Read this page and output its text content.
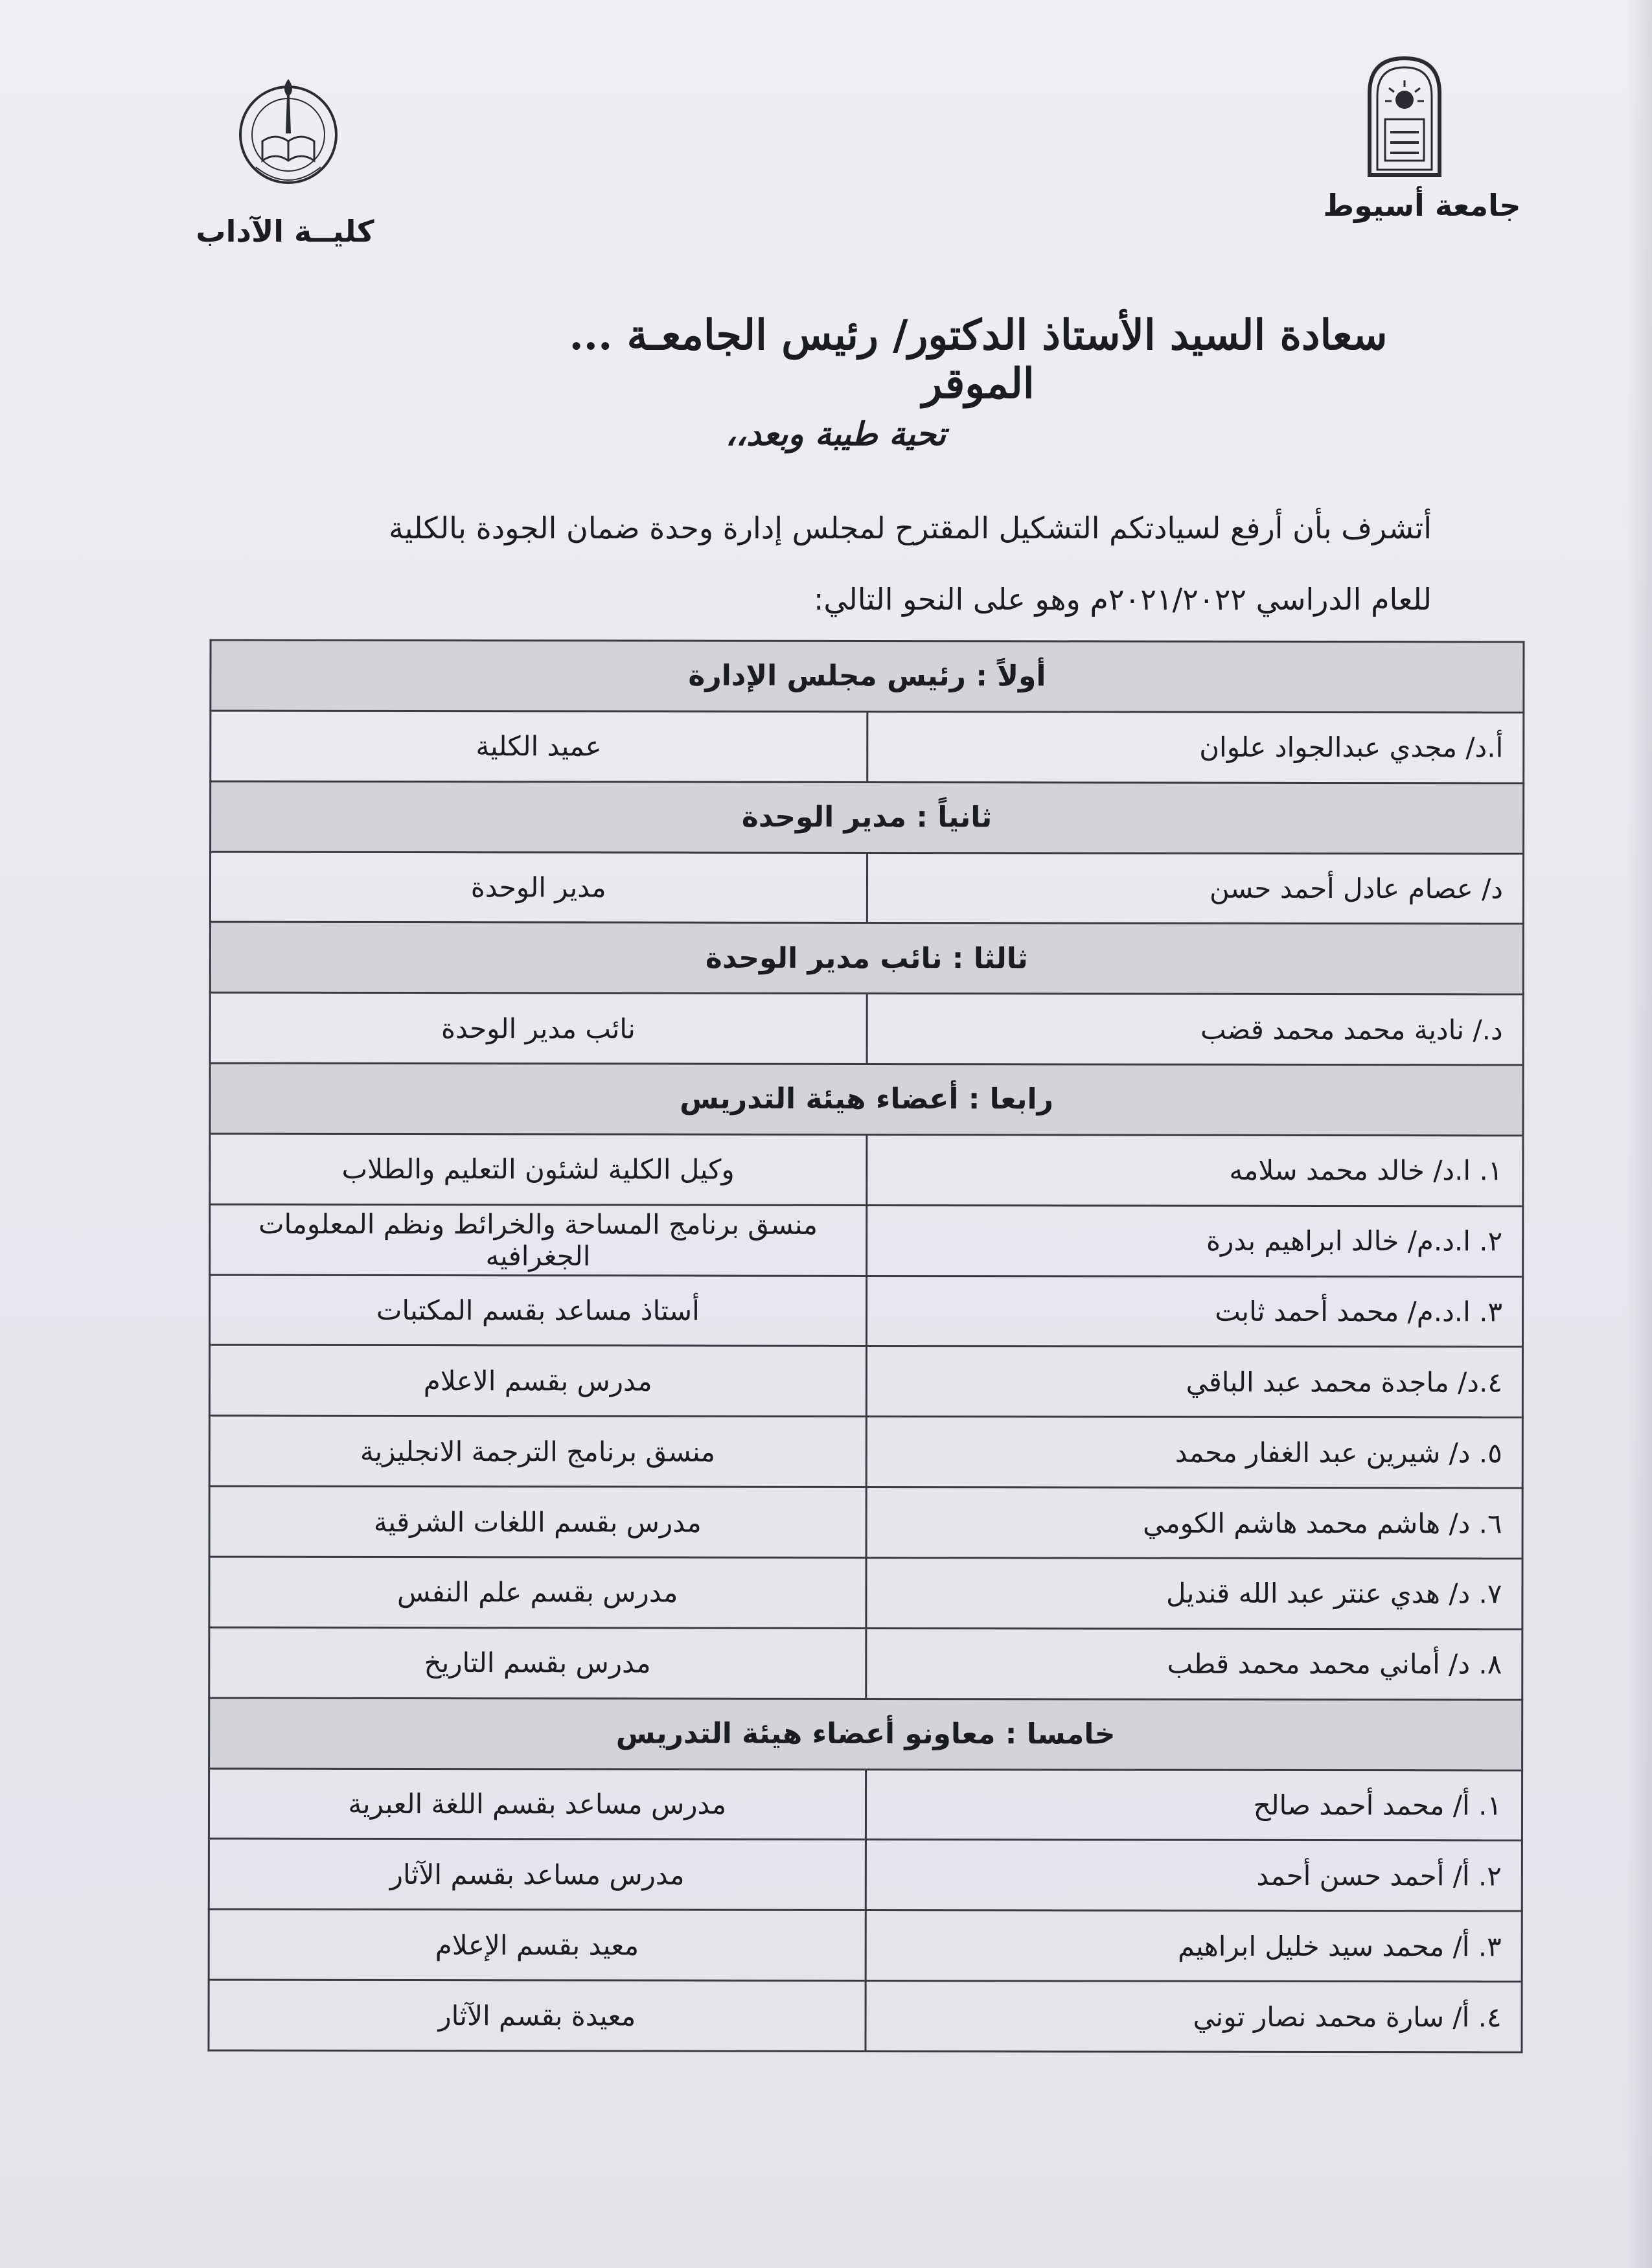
جامعة أسيوط
كليــة الآداب
سعادة السيد الأستاذ الدكتور/ رئيس الجامعـة ... الموقر
تحية طيبة وبعد،،

أتشرف بأن أرفع لسيادتكم التشكيل المقترح لمجلس إدارة وحدة ضمان الجودة بالكلية

للعام الدراسي ٢٠٢١/٢٠٢٢م وهو على النحو التالي:

أولاً : رئيس مجلس الإدارة	
أ.د/ مجدي عبدالجواد علوان	عميد الكلية
ثانياً : مدير الوحدة	
د/ عصام عادل أحمد حسن	مدير الوحدة
ثالثا : نائب مدير الوحدة	
د./ نادية محمد محمد قضب	نائب مدير الوحدة
رابعا : أعضاء هيئة التدريس	
١. ا.د/ خالد محمد سلامه	وكيل الكلية لشئون التعليم والطلاب
٢. ا.د.م/ خالد ابراهيم بدرة	منسق برنامج المساحة والخرائط ونظم المعلومات الجغرافيه
٣. ا.د.م/ محمد أحمد ثابت	أستاذ مساعد بقسم المكتبات
٤.د/ ماجدة محمد عبد الباقي	مدرس بقسم الاعلام
٥. د/ شيرين عبد الغفار محمد	منسق برنامج الترجمة الانجليزية
٦. د/ هاشم محمد هاشم الكومي	مدرس بقسم اللغات الشرقية
٧. د/ هدي عنتر عبد الله قنديل	مدرس بقسم علم النفس
٨. د/ أماني محمد محمد قطب	مدرس بقسم التاريخ
خامسا : معاونو أعضاء هيئة التدريس	
١. أ/ محمد أحمد صالح	مدرس مساعد بقسم اللغة العبرية
٢. أ/ أحمد حسن أحمد	مدرس مساعد بقسم الآثار
٣. أ/ محمد سيد خليل ابراهيم	معيد بقسم الإعلام
٤. أ/ سارة محمد نصار توني	معيدة بقسم الآثار
